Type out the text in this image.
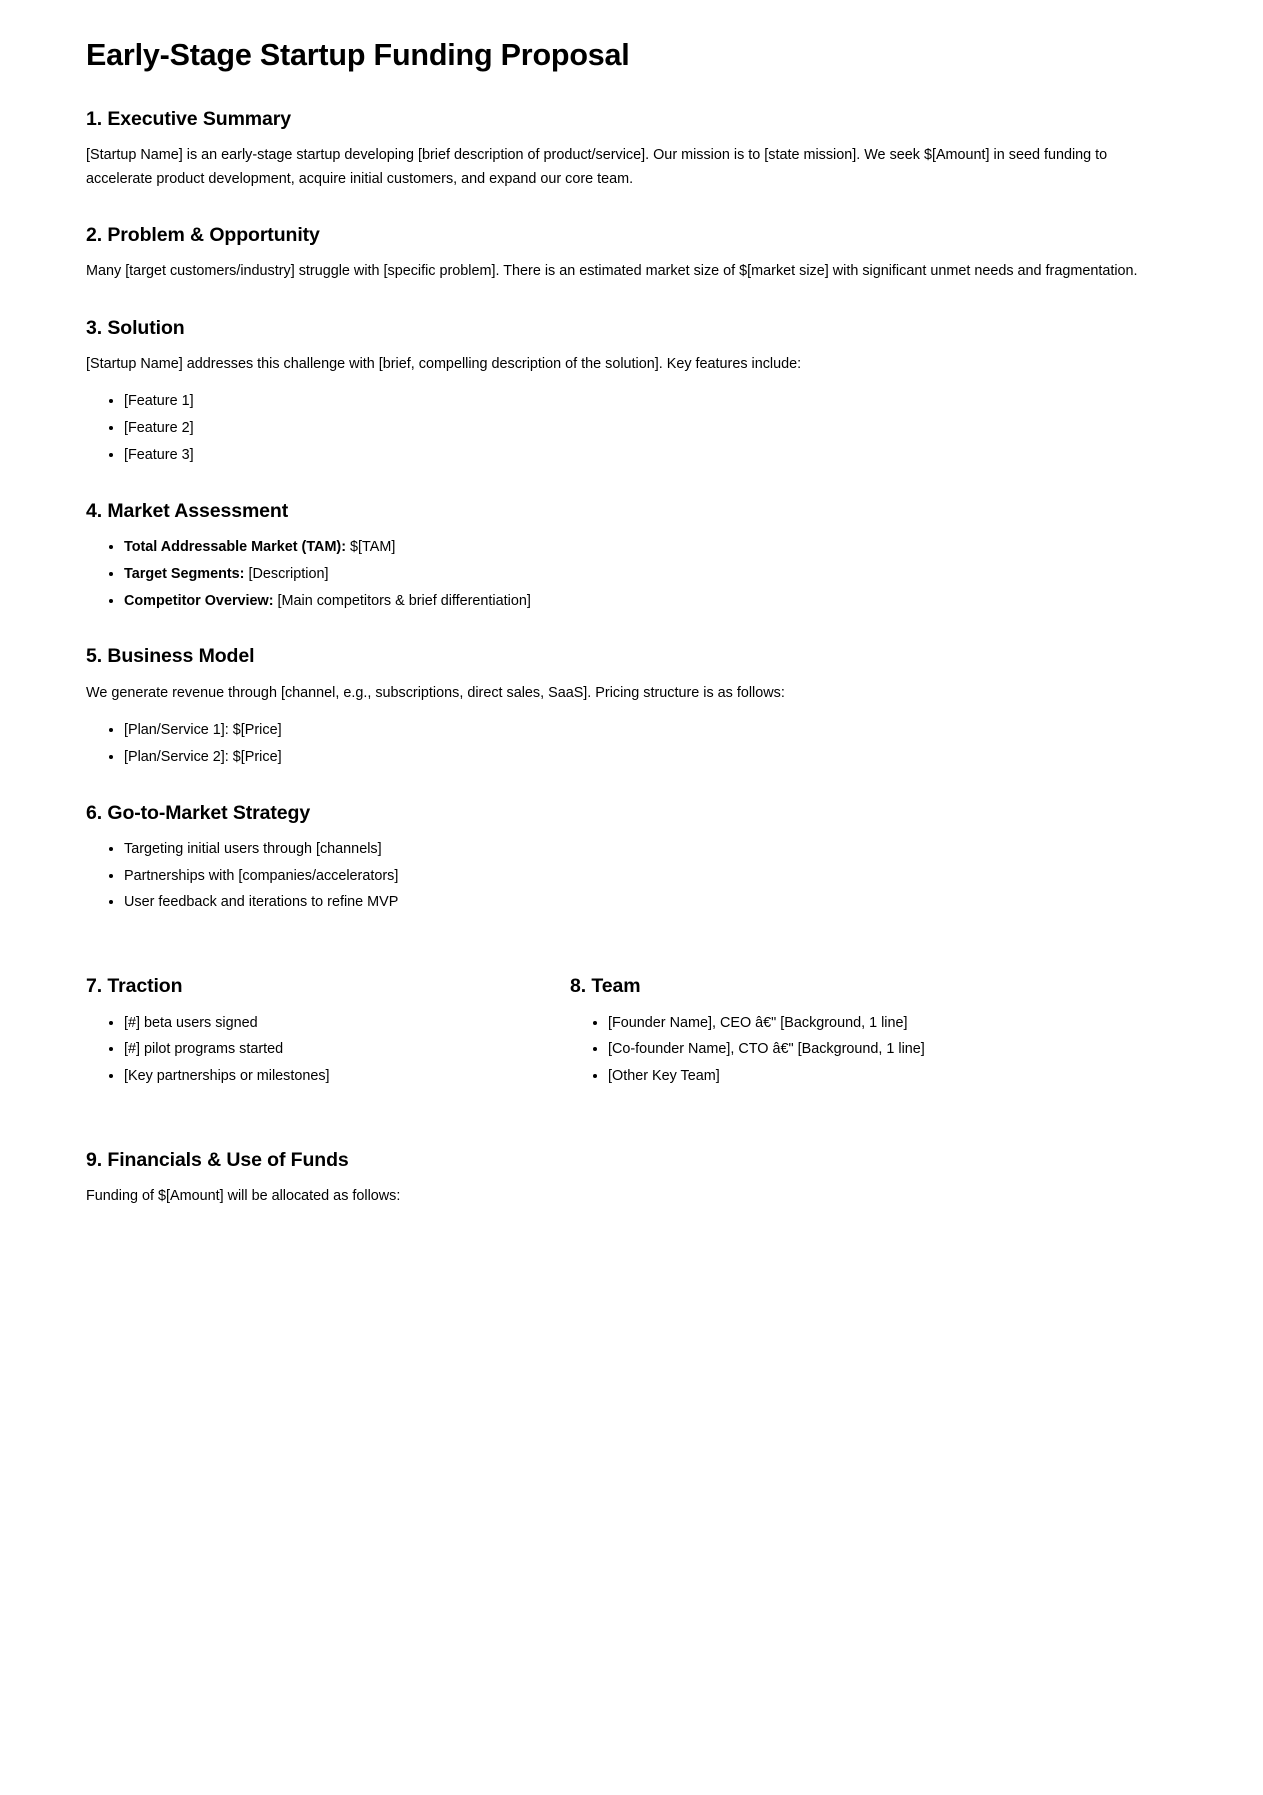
Early-Stage Startup Funding Proposal
1. Executive Summary

[Startup Name] is an early-stage startup developing [brief description of product/service]. Our mission is to [state mission]. We seek $[Amount] in seed funding to accelerate product development, acquire initial customers, and expand our core team.

2. Problem & Opportunity

Many [target customers/industry] struggle with [specific problem]. There is an estimated market size of $[market size] with significant unmet needs and fragmentation.

3. Solution

[Startup Name] addresses this challenge with [brief, compelling description of the solution]. Key features include:

• [Feature 1]
• [Feature 2]
• [Feature 3]
4. Market Assessment
• Total Addressable Market (TAM): $[TAM]
• Target Segments: [Description]
• Competitor Overview: [Main competitors & brief differentiation]
5. Business Model

We generate revenue through [channel, e.g., subscriptions, direct sales, SaaS]. Pricing structure is as follows:

• [Plan/Service 1]: $[Price]
• [Plan/Service 2]: $[Price]
6. Go-to-Market Strategy
• Targeting initial users through [channels]
• Partnerships with [companies/accelerators]
• User feedback and iterations to refine MVP
7. Traction
• [#] beta users signed
• [#] pilot programs started
• [Key partnerships or milestones]
8. Team
• [Founder Name], CEO â€" [Background, 1 line]
• [Co-founder Name], CTO â€" [Background, 1 line]
• [Other Key Team]
9. Financials & Use of Funds

Funding of $[Amount] will be allocated as follows:
